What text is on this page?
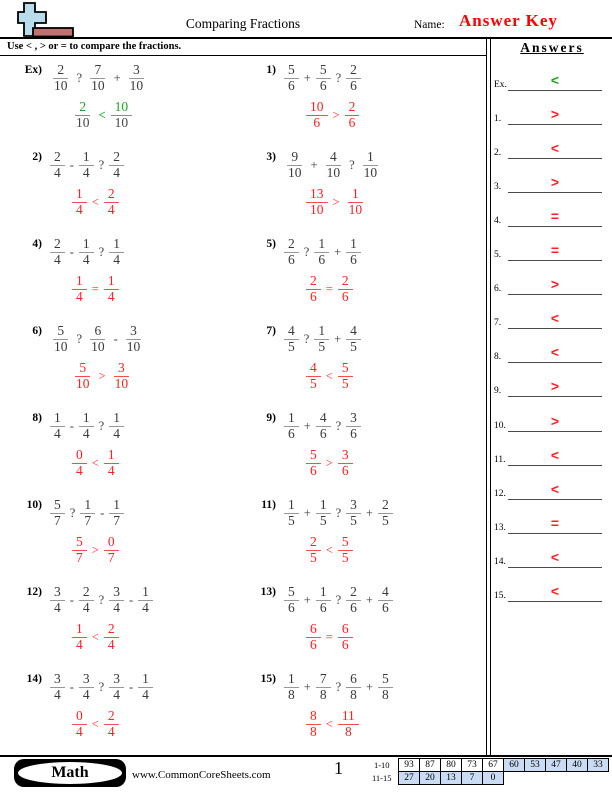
Comparing Fractions	Name: Answer Key
Use < , > or = to compare the fractions.
$Ex) \frac{2}{10}$ ? $\frac{7}{10} + \frac{3}{10}$
$\frac{2}{10} < \frac{10}{10}$
$1) \frac{5}{6} + \frac{5}{6}$ ? $\frac{2}{6}$
$\frac{10}{6} > \frac{2}{6}$
$2) \frac{2}{4} - \frac{1}{4}$ ? $\frac{2}{4}$
$\frac{1}{4} < \frac{2}{4}$
$3) \frac{9}{10} + \frac{4}{10}$ ? $\frac{1}{10}$
$\frac{13}{10} > \frac{1}{10}$
$4) \frac{2}{4} - \frac{1}{4}$ ? $\frac{1}{4}$
$\frac{1}{4} = \frac{1}{4}$
$5) \frac{2}{6}$ ? $\frac{1}{6} + \frac{1}{6}$
$\frac{2}{6} = \frac{2}{6}$
$6) \frac{5}{10}$ ? $\frac{6}{10} - \frac{3}{10}$
$\frac{5}{10} > \frac{3}{10}$
$7) \frac{4}{5}$ ? $\frac{1}{5} + \frac{4}{5}$
$\frac{4}{5} < \frac{5}{5}$
$8) \frac{1}{4} - \frac{1}{4}$ ? $\frac{1}{4}$
$\frac{0}{4} < \frac{1}{4}$
$9) \frac{1}{6} + \frac{4}{6}$ ? $\frac{3}{6}$
$\frac{5}{6} > \frac{3}{6}$
$10) \frac{5}{7}$ ? $\frac{1}{7} - \frac{1}{7}$
$\frac{5}{7} > \frac{0}{7}$
$11) \frac{1}{5} + \frac{1}{5}$ ? $\frac{3}{5} + \frac{2}{5}$
$\frac{2}{5} < \frac{5}{5}$
$12) \frac{3}{4} - \frac{2}{4}$ ? $\frac{3}{4} - \frac{1}{4}$
$\frac{1}{4} < \frac{2}{4}$
$13) \frac{5}{6} + \frac{1}{6}$ ? $\frac{2}{6} + \frac{4}{6}$
$\frac{6}{6} = \frac{6}{6}$
$14) \frac{3}{4} - \frac{3}{4}$ ? $\frac{3}{4} - \frac{1}{4}$
$\frac{0}{4} < \frac{2}{4}$
$15) \frac{1}{8} + \frac{7}{8}$ ? $\frac{6}{8} + \frac{5}{8}$
$\frac{8}{8} < \frac{11}{8}$
Answers
Ex.	<
1.	>
2.	<
3.	>
4.	=
5.	=
6.	>
7.	<
8.	<
9.	>
10.	>
11.	<
12.	<
13.	=
14.	<
15.	<
Math	www.CommonCoreSheets.com	1	1-10	93	87	80	73	67	60	53	47	40	33
11-15	27	20	13	7	0					
